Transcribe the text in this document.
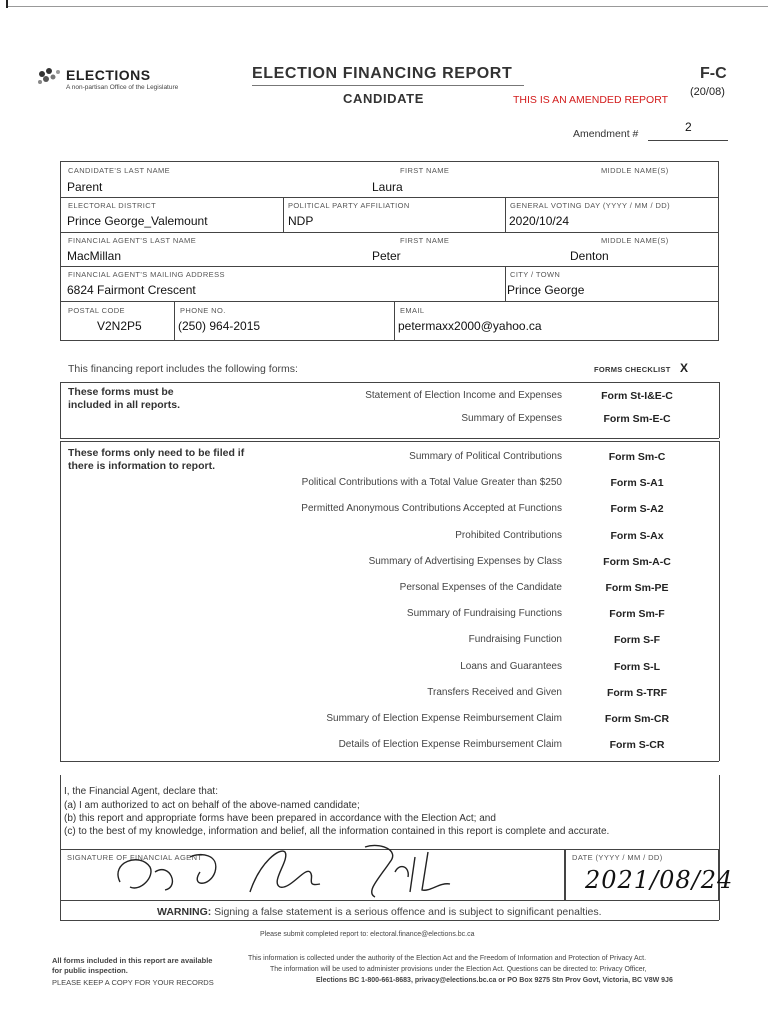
ELECTIONS
A non-partisan Office of the Legislature
ELECTION FINANCING REPORT
CANDIDATE	THIS IS AN AMENDED REPORT
F-C
(20/08)
Amendment #	2
CANDIDATE'S LAST NAME
Parent
FIRST NAME
Laura
MIDDLE NAME(S)
ELECTORAL DISTRICT
Prince George_Valemount
POLITICAL PARTY AFFILIATION
NDP
GENERAL VOTING DAY (YYYY / MM / DD)
2020/10/24
FINANCIAL AGENT'S LAST NAME
MacMillan
FIRST NAME
Peter
MIDDLE NAME(S)
Denton
FINANCIAL AGENT'S MAILING ADDRESS
6824 Fairmont Crescent
CITY / TOWN
Prince George
POSTAL CODE
V2N2P5
PHONE NO.
(250) 964-2015
EMAIL
petermaxx2000@yahoo.ca
This financing report includes the following forms:	FORMS CHECKLIST X
These forms must be included in all reports.
Statement of Election Income and Expenses	Form St-I&E-C
Summary of Expenses	Form Sm-E-C
These forms only need to be filed if there is information to report.
Summary of Political Contributions	Form Sm-C
Political Contributions with a Total Value Greater than $250	Form S-A1
Permitted Anonymous Contributions Accepted at Functions	Form S-A2
Prohibited Contributions	Form S-Ax
Summary of Advertising Expenses by Class	Form Sm-A-C
Personal Expenses of the Candidate	Form Sm-PE
Summary of Fundraising Functions	Form Sm-F
Fundraising Function	Form S-F
Loans and Guarantees	Form S-L
Transfers Received and Given	Form S-TRF
Summary of Election Expense Reimbursement Claim	Form Sm-CR
Details of Election Expense Reimbursement Claim	Form S-CR
I, the Financial Agent, declare that:
(a) I am authorized to act on behalf of the above-named candidate;
(b) this report and appropriate forms have been prepared in accordance with the Election Act; and
(c) to the best of my knowledge, information and belief, all the information contained in this report is complete and accurate.
SIGNATURE OF FINANCIAL AGENT	DATE (YYYY / MM / DD)
2021/08/24
WARNING: Signing a false statement is a serious offence and is subject to significant penalties.
Please submit completed report to: electoral.finance@elections.bc.ca
All forms included in this report are available
for public inspection.
PLEASE KEEP A COPY FOR YOUR RECORDS
This information is collected under the authority of the Election Act and the Freedom of Information and Protection of Privacy Act.
The information will be used to administer provisions under the Election Act. Questions can be directed to: Privacy Officer,
Elections BC 1-800-661-8683, privacy@elections.bc.ca or PO Box 9275 Stn Prov Govt, Victoria, BC V8W 9J6
